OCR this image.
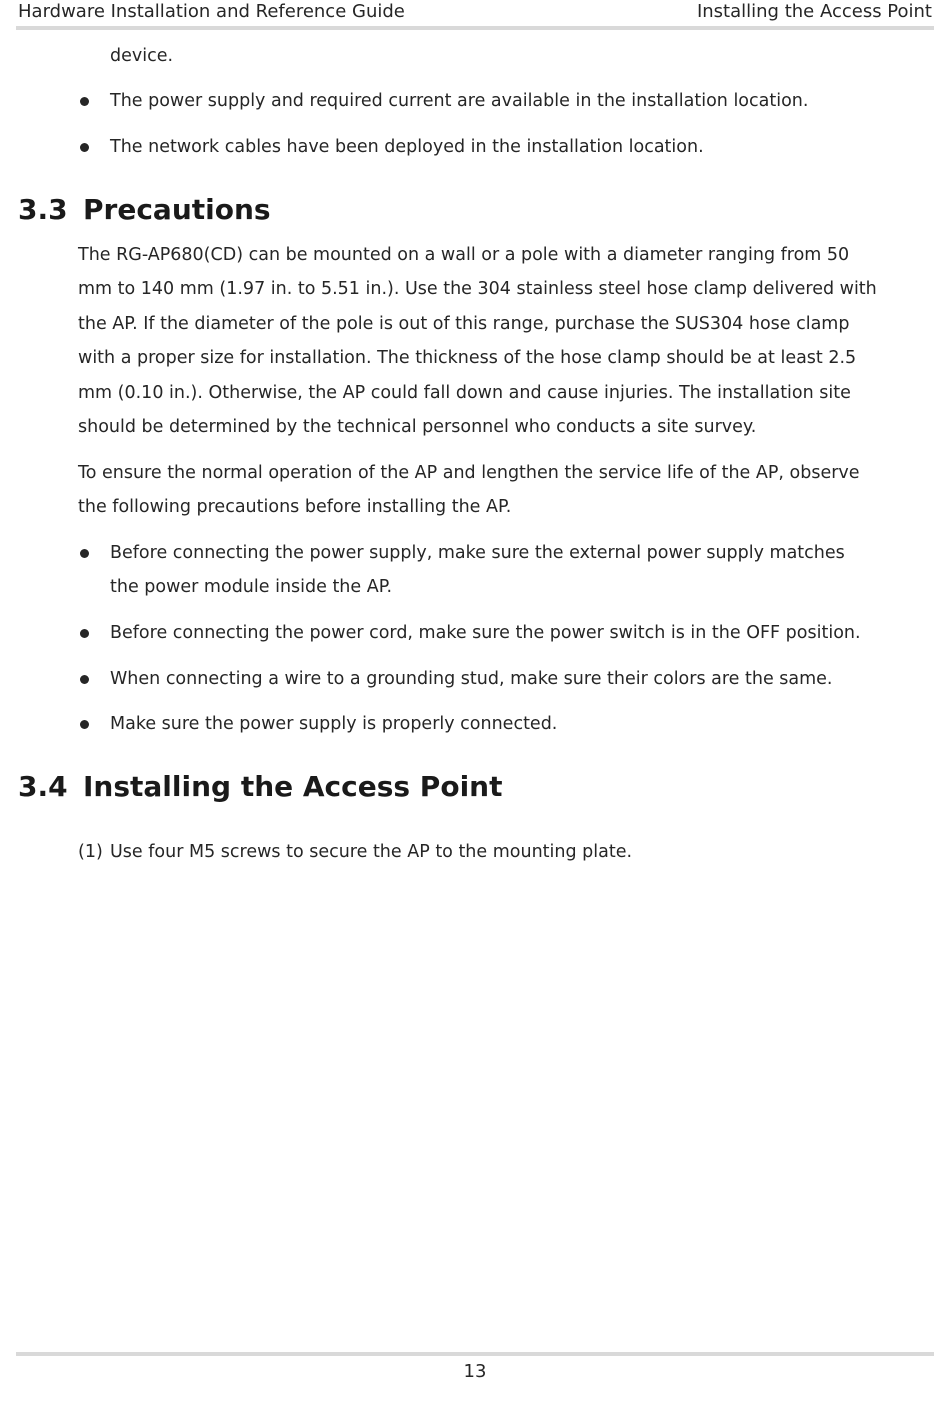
Hardware Installation and Reference Guide	Installing the Access Point
device.
The power supply and required current are available in the installation location.
The network cables have been deployed in the installation location.
3.3 Precautions
The RG-AP680(CD) can be mounted on a wall or a pole with a diameter ranging from 50
mm to 140 mm (1.97 in. to 5.51 in.). Use the 304 stainless steel hose clamp delivered with
the AP. If the diameter of the pole is out of this range, purchase the SUS304 hose clamp
with a proper size for installation. The thickness of the hose clamp should be at least 2.5
mm (0.10 in.). Otherwise, the AP could fall down and cause injuries. The installation site
should be determined by the technical personnel who conducts a site survey.
To ensure the normal operation of the AP and lengthen the service life of the AP, observe
the following precautions before installing the AP.
Before connecting the power supply, make sure the external power supply matches
the power module inside the AP.
Before connecting the power cord, make sure the power switch is in the OFF position.
When connecting a wire to a grounding stud, make sure their colors are the same.
Make sure the power supply is properly connected.
3.4 Installing the Access Point
(1) Use four M5 screws to secure the AP to the mounting plate.
13
